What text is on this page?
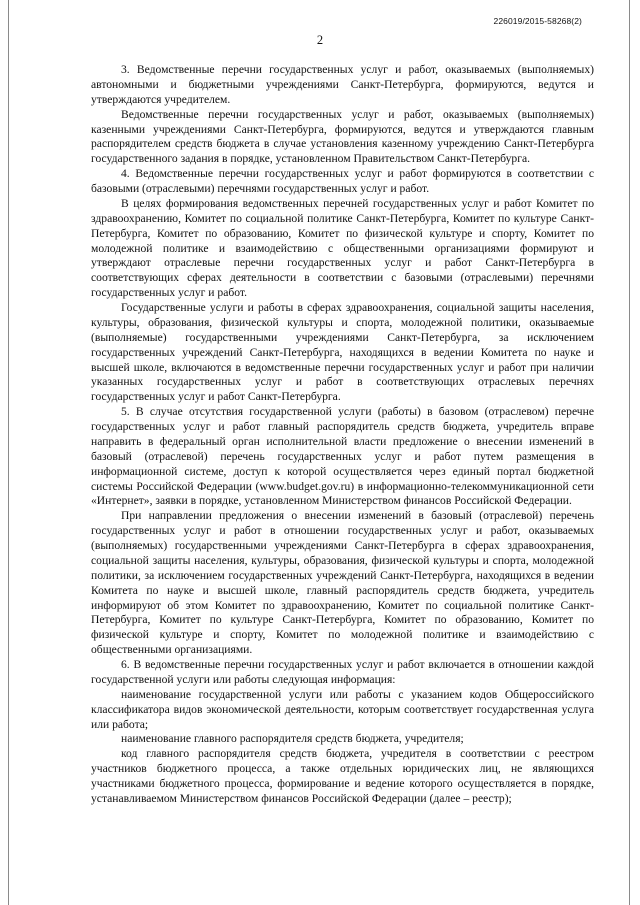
226019/2015-58268(2)
2

3. Ведомственные перечни государственных услуг и работ, оказываемых (выполняемых) автономными и бюджетными учреждениями Санкт-Петербурга, формируются, ведутся и утверждаются учредителем.

Ведомственные перечни государственных услуг и работ, оказываемых (выполняемых) казенными учреждениями Санкт-Петербурга, формируются, ведутся и утверждаются главным распорядителем средств бюджета в случае установления казенному учреждению Санкт-Петербурга государственного задания в порядке, установленном Правительством Санкт-Петербурга.

4. Ведомственные перечни государственных услуг и работ формируются в соответствии с базовыми (отраслевыми) перечнями государственных услуг и работ.

В целях формирования ведомственных перечней государственных услуг и работ Комитет по здравоохранению, Комитет по социальной политике Санкт-Петербурга, Комитет по культуре Санкт-Петербурга, Комитет по образованию, Комитет по физической культуре и спорту, Комитет по молодежной политике и взаимодействию с общественными организациями формируют и утверждают отраслевые перечни государственных услуг и работ Санкт-Петербурга в соответствующих сферах деятельности в соответствии с базовыми (отраслевыми) перечнями государственных услуг и работ.

Государственные услуги и работы в сферах здравоохранения, социальной защиты населения, культуры, образования, физической культуры и спорта, молодежной политики, оказываемые (выполняемые) государственными учреждениями Санкт-Петербурга, за исключением государственных учреждений Санкт-Петербурга, находящихся в ведении Комитета по науке и высшей школе, включаются в ведомственные перечни государственных услуг и работ при наличии указанных государственных услуг и работ в соответствующих отраслевых перечнях государственных услуг и работ Санкт-Петербурга.

5. В случае отсутствия государственной услуги (работы) в базовом (отраслевом) перечне государственных услуг и работ главный распорядитель средств бюджета, учредитель вправе направить в федеральный орган исполнительной власти предложение о внесении изменений в базовый (отраслевой) перечень государственных услуг и работ путем размещения в информационной системе, доступ к которой осуществляется через единый портал бюджетной системы Российской Федерации (www.budget.gov.ru) в информационно-телекоммуникационной сети «Интернет», заявки в порядке, установленном Министерством финансов Российской Федерации.

При направлении предложения о внесении изменений в базовый (отраслевой) перечень государственных услуг и работ в отношении государственных услуг и работ, оказываемых (выполняемых) государственными учреждениями Санкт-Петербурга в сферах здравоохранения, социальной защиты населения, культуры, образования, физической культуры и спорта, молодежной политики, за исключением государственных учреждений Санкт-Петербурга, находящихся в ведении Комитета по науке и высшей школе, главный распорядитель средств бюджета, учредитель информируют об этом Комитет по здравоохранению, Комитет по социальной политике Санкт-Петербурга, Комитет по культуре Санкт-Петербурга, Комитет по образованию, Комитет по физической культуре и спорту, Комитет по молодежной политике и взаимодействию с общественными организациями.

6. В ведомственные перечни государственных услуг и работ включается в отношении каждой государственной услуги или работы следующая информация:

наименование государственной услуги или работы с указанием кодов Общероссийского классификатора видов экономической деятельности, которым соответствует государственная услуга или работа;

наименование главного распорядителя средств бюджета, учредителя;

код главного распорядителя средств бюджета, учредителя в соответствии с реестром участников бюджетного процесса, а также отдельных юридических лиц, не являющихся участниками бюджетного процесса, формирование и ведение которого осуществляется в порядке, устанавливаемом Министерством финансов Российской Федерации (далее – реестр);
